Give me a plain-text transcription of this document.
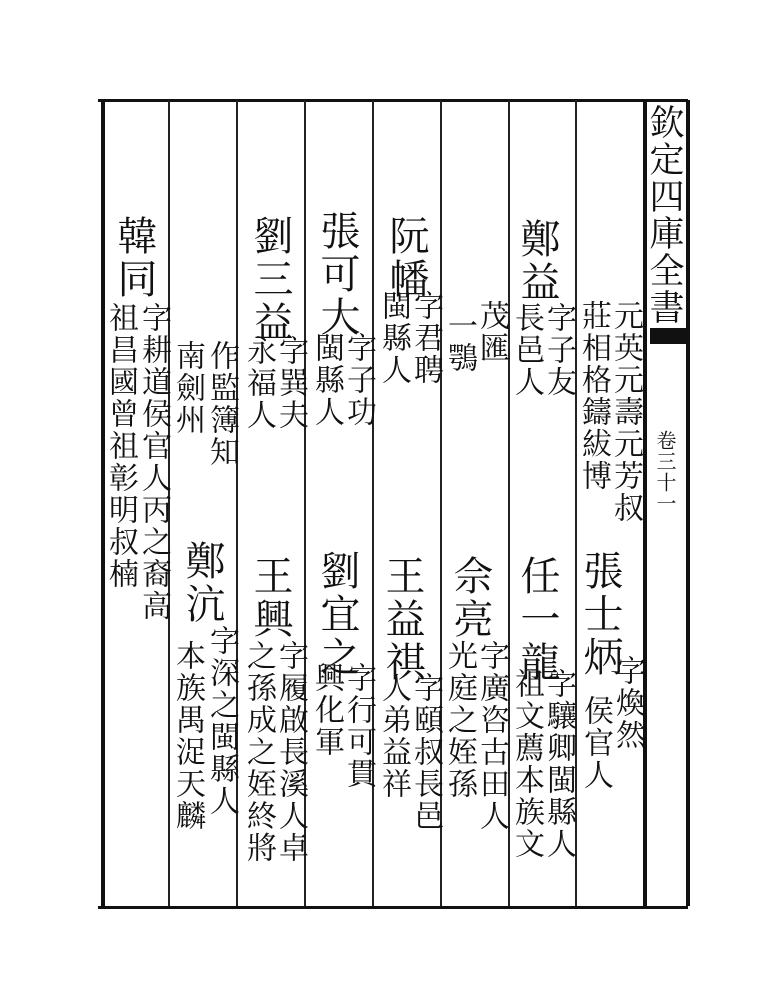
欽定四庫全書
卷三十一
元英元壽元芳叔
莊相格鑄紱博
張士炳
字煥然
侯官人
鄭益
字子友
長邑人
任一龍
字驤卿閩縣人
祖文薦本族文
茂匯
一鶚
佘亮
字廣咨古田人
光庭之姪孫
阮幡
字君聘
閩縣人
王益祺
字頤叔長邑
人弟益祥
張可大
字子功
閩縣人
劉宜之
字行可貫
興化軍
劉三益
字巽夫
永福人
王興
字履啟長溪人卓
之孫成之姪終將
作監簿知
南劍州
鄭沆
字深之閩縣人
本族禺浞天麟
韓同
字耕道侯官人丙之裔高
祖昌國曾祖彰明叔楠
